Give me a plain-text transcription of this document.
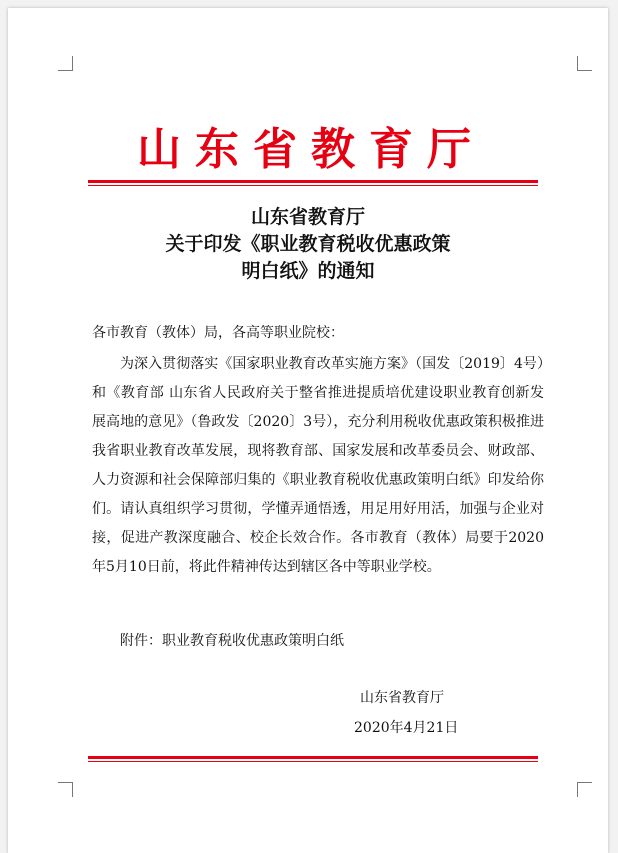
山东省教育厅
山东省教育厅
关于印发《职业教育税收优惠政策
明白纸》的通知
各市教育（教体）局，各高等职业院校：
为深入贯彻落实《国家职业教育改革实施方案》（国发〔2019〕4号）和《教育部 山东省人民政府关于整省推进提质培优建设职业教育创新发展高地的意见》（鲁政发〔2020〕3号），充分利用税收优惠政策积极推进我省职业教育改革发展，现将教育部、国家发展和改革委员会、财政部、人力资源和社会保障部归集的《职业教育税收优惠政策明白纸》印发给你们。请认真组织学习贯彻，学懂弄通悟透，用足用好用活，加强与企业对接，促进产教深度融合、校企长效合作。各市教育（教体）局要于2020年5月10日前，将此件精神传达到辖区各中等职业学校。
附件：职业教育税收优惠政策明白纸
山东省教育厅
2020年4月21日
